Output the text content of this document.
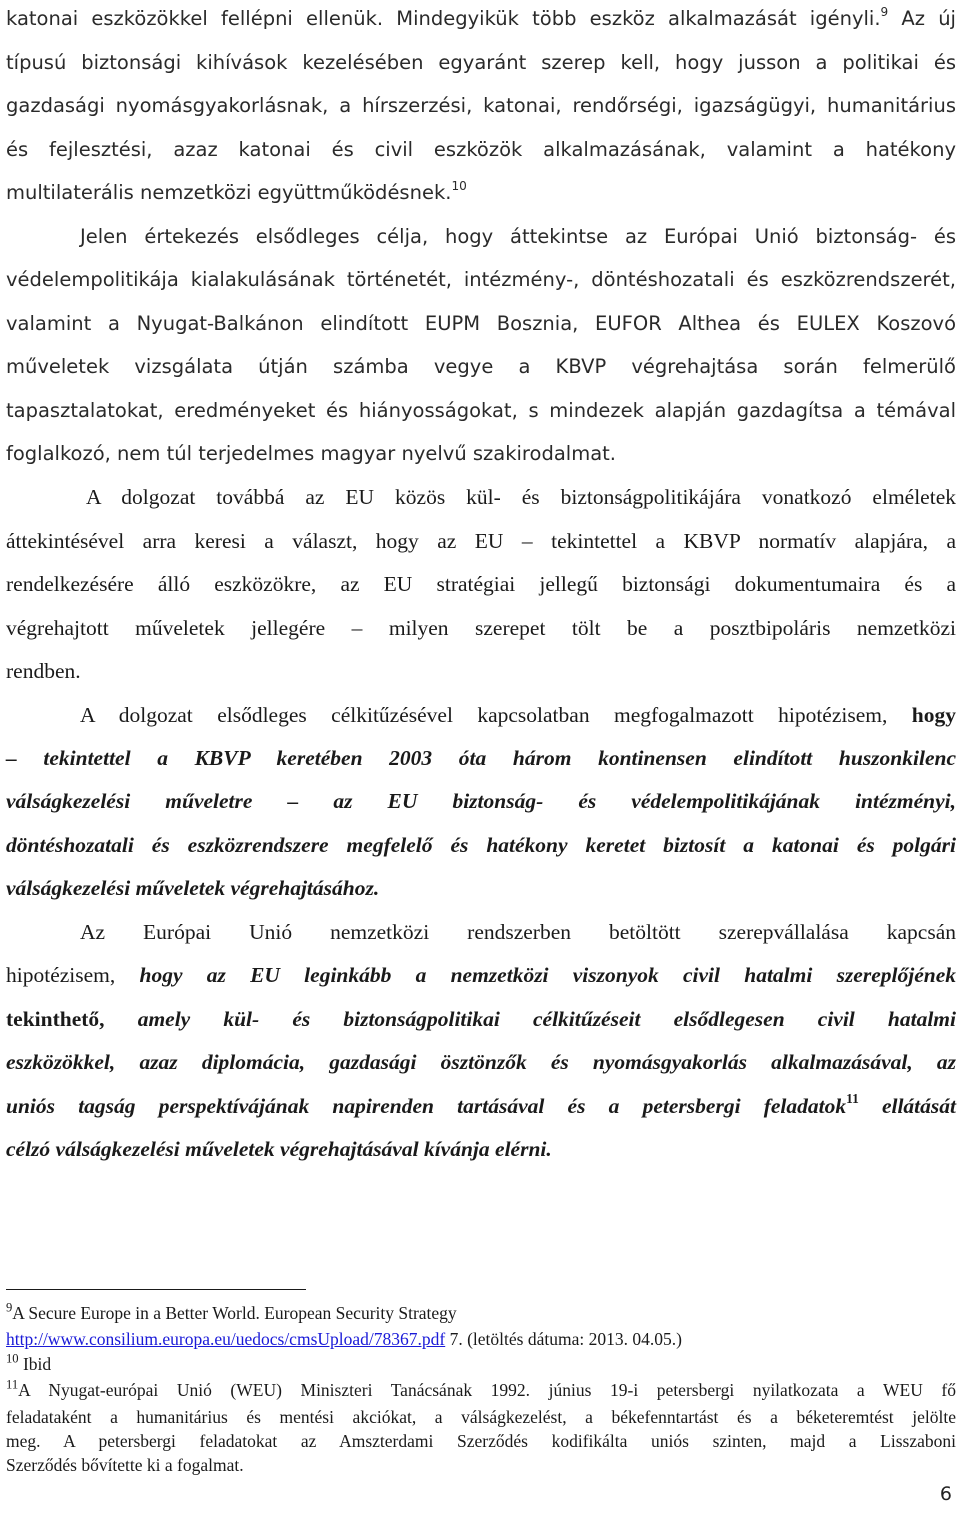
katonai eszközökkel fellépni ellenük. Mindegyikük több eszköz alkalmazását igényli.$^9$ Az új
típusú biztonsági kihívások kezelésében egyaránt szerep kell, hogy jusson a politikai és
gazdasági nyomásgyakorlásnak, a hírszerzési, katonai, rendőrségi, igazságügyi, humanitárius
és fejlesztési, azaz katonai és civil eszközök alkalmazásának, valamint a hatékony
multilaterális nemzetközi együttműködésnek.$^{10}$
Jelen értekezés elsődleges célja, hogy áttekintse az Európai Unió biztonság- és
védelempolitikája kialakulásának történetét, intézmény-, döntéshozatali és eszközrendszerét,
valamint a Nyugat-Balkánon elindított EUPM Bosznia, EUFOR Althea és EULEX Koszovó
műveletek vizsgálata útján számba vegye a KBVP végrehajtása során felmerülő
tapasztalatokat, eredményeket és hiányosságokat, s mindezek alapján gazdagítsa a témával
foglalkozó, nem túl terjedelmes magyar nyelvű szakirodalmat.
A dolgozat továbbá az EU közös kül- és biztonságpolitikájára vonatkozó elméletek
áttekintésével arra keresi a választ, hogy az EU – tekintettel a KBVP normatív alapjára, a
rendelkezésére álló eszközökre, az EU stratégiai jellegű biztonsági dokumentumaira és a
végrehajtott műveletek jellegére – milyen szerepet tölt be a posztbipoláris nemzetközi
rendben.
A dolgozat elsődleges célkitűzésével kapcsolatban megfogalmazott hipotézisem, hogy
– tekintettel a KBVP keretében 2003 óta három kontinensen elindított huszonkilenc
válságkezelési műveletre – az EU biztonság- és védelempolitikájának intézményi,
döntéshozatali és eszközrendszere megfelelő és hatékony keretet biztosít a katonai és polgári
válságkezelési műveletek végrehajtásához.
Az Európai Unió nemzetközi rendszerben betöltött szerepvállalása kapcsán
hipotézisem, hogy az EU leginkább a nemzetközi viszonyok civil hatalmi szereplőjének
tekinthető, amely kül- és biztonságpolitikai célkitűzéseit elsődlegesen civil hatalmi
eszközökkel, azaz diplomácia, gazdasági ösztönzők és nyomásgyakorlás alkalmazásával, az
uniós tagság perspektívájának napirenden tartásával és a petersbergi feladatok$^{11}$ ellátását
célzó válságkezelési műveletek végrehajtásával kívánja elérni.
$^9$A Secure Europe in a Better World. European Security Strategy
http://www.consilium.europa.eu/uedocs/cmsUpload/78367.pdf 7. (letöltés dátuma: 2013. 04.05.)
$^{10}$ Ibid
$^{11}$A Nyugat-európai Unió (WEU) Miniszteri Tanácsának 1992. június 19-i petersbergi nyilatkozata a WEU fő
feladataként a humanitárius és mentési akciókat, a válságkezelést, a békefenntartást és a béketeremtést jelölte
meg. A petersbergi feladatokat az Amszterdami Szerződés kodifikálta uniós szinten, majd a Lisszaboni
Szerződés bővítette ki a fogalmat.
6
